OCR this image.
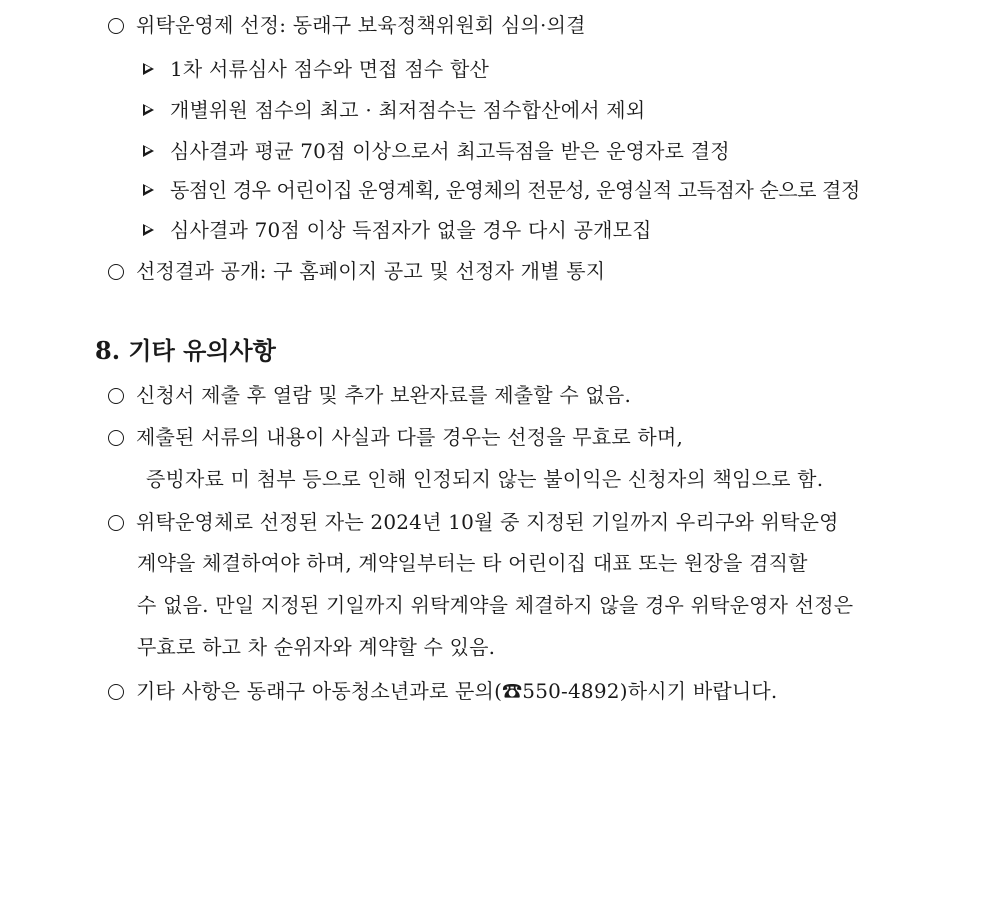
위탁운영제 선정: 동래구 보육정책위원회 심의·의결
1차 서류심사 점수와 면접 점수 합산
개별위원 점수의 최고 · 최저점수는 점수합산에서 제외
심사결과 평균 70점 이상으로서 최고득점을 받은 운영자로 결정
동점인 경우 어린이집 운영계획, 운영체의 전문성, 운영실적 고득점자 순으로 결정
심사결과 70점 이상 득점자가 없을 경우 다시 공개모집
선정결과 공개: 구 홈페이지 공고 및 선정자 개별 통지
8. 기타 유의사항
신청서 제출 후 열람 및 추가 보완자료를 제출할 수 없음.
제출된 서류의 내용이 사실과 다를 경우는 선정을 무효로 하며,
증빙자료 미 첨부 등으로 인해 인정되지 않는 불이익은 신청자의 책임으로 함.
위탁운영체로 선정된 자는 2024년 10월 중 지정된 기일까지 우리구와 위탁운영
계약을 체결하여야 하며, 계약일부터는 타 어린이집 대표 또는 원장을 겸직할
수 없음. 만일 지정된 기일까지 위탁계약을 체결하지 않을 경우 위탁운영자 선정은
무효로 하고 차 순위자와 계약할 수 있음.
기타 사항은 동래구 아동청소년과로 문의(☎550-4892)하시기 바랍니다.
